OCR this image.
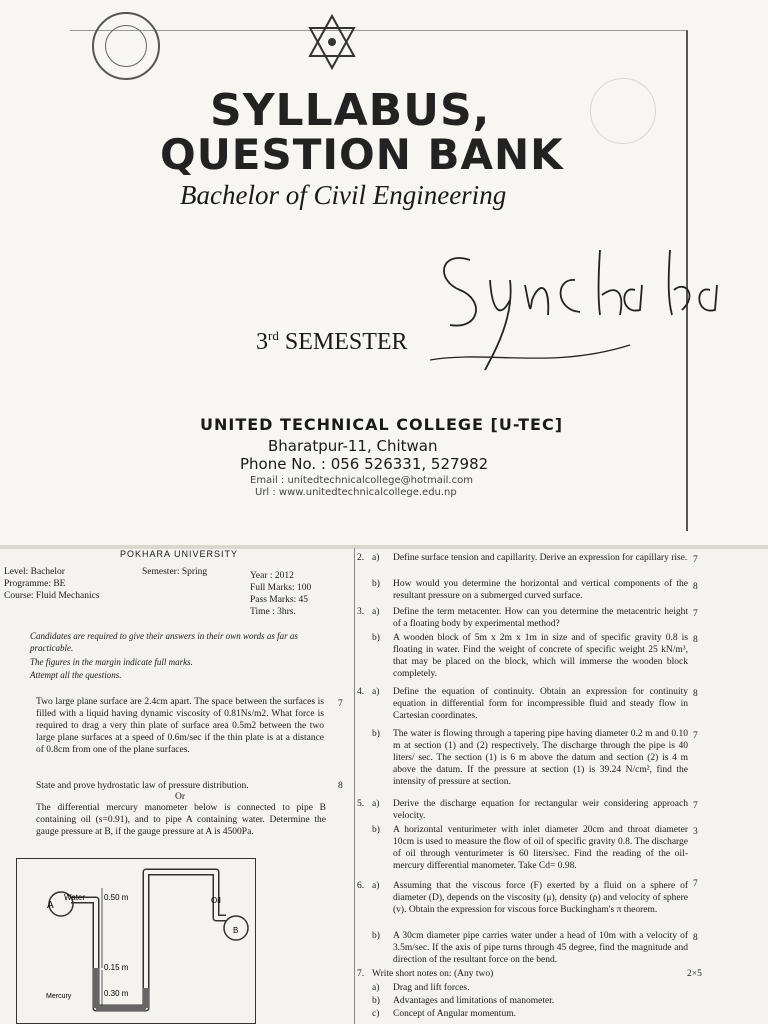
SYLLABUS,
QUESTION BANK
Bachelor of Civil Engineering
3rd SEMESTER
UNITED TECHNICAL COLLEGE [U-TEC]
Bharatpur-11, Chitwan
Phone No. : 056 526331, 527982
Email : unitedtechnicalcollege@hotmail.com
Url : www.unitedtechnicalcollege.edu.np
POKHARA UNIVERSITY
Level: Bachelor	Semester: Spring	Year : 2012
Programme: BE	Full Marks: 100
Course: Fluid Mechanics	Pass Marks: 45
Time : 3hrs.
Candidates are required to give their answers in their own words as far as practicable.
The figures in the margin indicate full marks.
Attempt all the questions.
Two large plane surface are 2.4cm apart. The space between the surfaces is filled with a liquid having dynamic viscosity of 0.81Ns/m2. What force is required to drag a very thin plate of surface area 0.5m2 between the two large plane surfaces at a speed of 0.6m/sec if the thin plate is at a distance of 0.8cm from one of the plane surfaces.
7
State and prove hydrostatic law of pressure distribution.	8
Or
The differential mercury manometer below is connected to pipe B containing oil (s=0.91), and to pipe A containing water. Determine the gauge pressure at B, if the gauge pressure at A is 4500Pa.
A
B
Water	Oil
Mercury
0.50 m
0.15 m
0.30 m
2. a) Define surface tension and capillarity. Derive an expression for capillary rise. 7
b) How would you determine the horizontal and vertical components of the resultant pressure on a submerged curved surface.
8
3. a) Define the term metacenter. How can you determine the metacentric height of a floating body by experimental method?
7
b) A wooden block of 5m x 2m x 1m in size and of specific gravity 0.8 is floating in water. Find the weight of concrete of specific weight 25 kN/m³, that may be placed on the block, which will immerse the wooden block completely.
8
4. a) Define the equation of continuity. Obtain an expression for continuity equation in differential form for incompressible fluid and steady flow in Cartesian coordinates.
8
b) The water is flowing through a tapering pipe having diameter 0.2 m and 0.10 m at section (1) and (2) respectively. The discharge through the pipe is 40 liters/ sec. The section (1) is 6 m above the datum and section (2) is 4 m above the datum. If the pressure at section (1) is 39.24 N/cm², find the intensity of pressure at section.
7
5. a) Derive the discharge equation for rectangular weir considering approach velocity.
7
b) A horizontal venturimeter with inlet diameter 20cm and throat diameter 10cm is used to measure the flow of oil of specific gravity 0.8. The discharge of oil through venturimeter is 60 liters/sec. Find the reading of the oil-mercury differential manometer. Take Cd= 0.98.
3
6. a) Assuming that the viscous force (F) exerted by a fluid on a sphere of diameter (D), depends on the viscosity (μ), density (ρ) and velocity of sphere (v). Obtain the expression for viscous force Buckingham's π theorem.
7
b) A 30cm diameter pipe carries water under a head of 10m with a velocity of 3.5m/sec. If the axis of pipe turns through 45 degree, find the magnitude and direction of the resultant force on the bend.
8
7. Write short notes on: (Any two)	2×5
a) Drag and lift forces.
b) Advantages and limitations of manometer.
c) Concept of Angular momentum.
